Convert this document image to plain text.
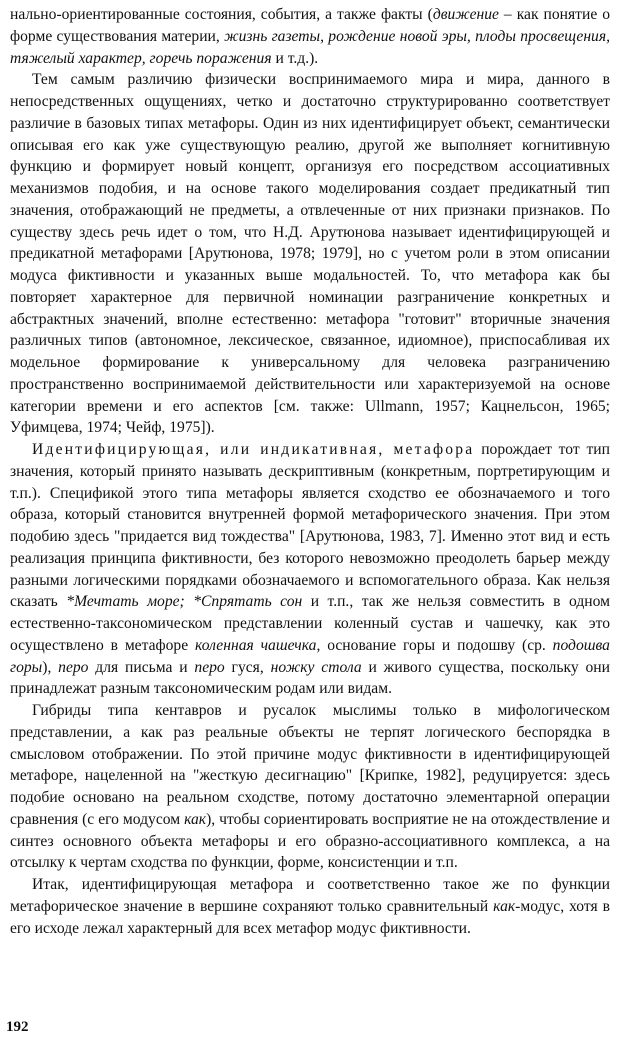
нально-ориентированные состояния, события, а также факты (движение – как понятие о форме существования материи, жизнь газеты, рождение новой эры, плоды просвещения, тяжелый характер, горечь поражения и т.д.).

Тем самым различию физически воспринимаемого мира и мира, данного в непосредственных ощущениях, четко и достаточно структурированно соответствует различие в базовых типах метафоры. Один из них идентифицирует объект, семантически описывая его как уже существующую реалию, другой же выполняет когнитивную функцию и формирует новый концепт, организуя его посредством ассоциативных механизмов подобия, и на основе такого моделирования создает предикатный тип значения, отображающий не предметы, а отвлеченные от них признаки признаков. По существу здесь речь идет о том, что Н.Д. Арутюнова называет идентифицирующей и предикатной метафорами [Арутюнова, 1978; 1979], но с учетом роли в этом описании модуса фиктивности и указанных выше модальностей. То, что метафора как бы повторяет характерное для первичной номинации разграничение конкретных и абстрактных значений, вполне естественно: метафора "готовит" вторичные значения различных типов (автономное, лексическое, связанное, идиомное), приспосабливая их модельное формирование к универсальному для человека разграничению пространственно воспринимаемой действительности или характеризуемой на основе категории времени и его аспектов [см. также: Ullmann, 1957; Кацнельсон, 1965; Уфимцева, 1974; Чейф, 1975]).

Идентифицирующая, или индикативная, метафора порождает тот тип значения, который принято называть дескриптивным (конкретным, портретирующим и т.п.). Спецификой этого типа метафоры является сходство ее обозначаемого и того образа, который становится внутренней формой метафорического значения. При этом подобию здесь "придается вид тождества" [Арутюнова, 1983, 7]. Именно этот вид и есть реализация принципа фиктивности, без которого невозможно преодолеть барьер между разными логическими порядками обозначаемого и вспомогательного образа. Как нельзя сказать *Мечтать море; *Спрятать сон и т.п., так же нельзя совместить в одном естественно-таксономическом представлении коленный сустав и чашечку, как это осуществлено в метафоре коленная чашечка, основание горы и подошву (ср. подошва горы), перо для письма и перо гуся, ножку стола и живого существа, поскольку они принадлежат разным таксономическим родам или видам.

Гибриды типа кентавров и русалок мыслимы только в мифологическом представлении, а как раз реальные объекты не терпят логического беспорядка в смысловом отображении. По этой причине модус фиктивности в идентифицирующей метафоре, нацеленной на "жесткую десигнацию" [Крипке, 1982], редуцируется: здесь подобие основано на реальном сходстве, потому достаточно элементарной операции сравнения (с его модусом как), чтобы сориентировать восприятие не на отождествление и синтез основного объекта метафоры и его образно-ассоциативного комплекса, а на отсылку к чертам сходства по функции, форме, консистенции и т.п.

Итак, идентифицирующая метафора и соответственно такое же по функции метафорическое значение в вершине сохраняют только сравнительный как-модус, хотя в его исходе лежал характерный для всех метафор модус фиктивности.

192
